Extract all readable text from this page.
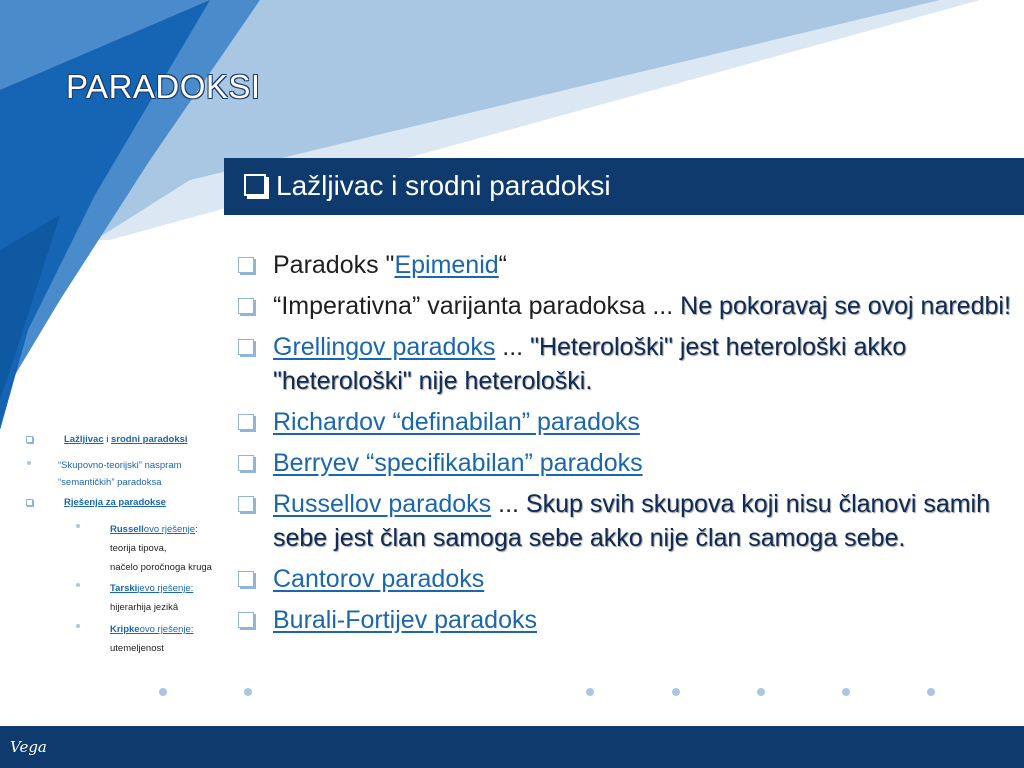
PARADOKSI
Lažljivac i srodni paradoksi
Paradoks "Epimenid“
“Imperativna” varijanta paradoksa ... Ne pokoravaj se ovoj naredbi!
Grellingov paradoks ... "Heterološki" jest heterološki akko "heterološki" nije heterološki.
Richardov “definabilan” paradoks
Berryev “specifikabilan” paradoks
Russellov paradoks ... Skup svih skupova koji nisu članovi samih sebe jest član samoga sebe akko nije član samoga sebe.
Cantorov paradoks
Burali-Fortijev paradoks
Lažljivac i srodni paradoksi
“Skupovno-teorijski” naspram
“semantičkih” paradoksa
Rješenja za paradokse
Russellovo rješenje:
teorija tipova,
načelo poročnoga kruga
Tarskijevo rješenje:
hijerarhija jezikâ
Kripkeovo rješenje:
utemeljenost
Vega
